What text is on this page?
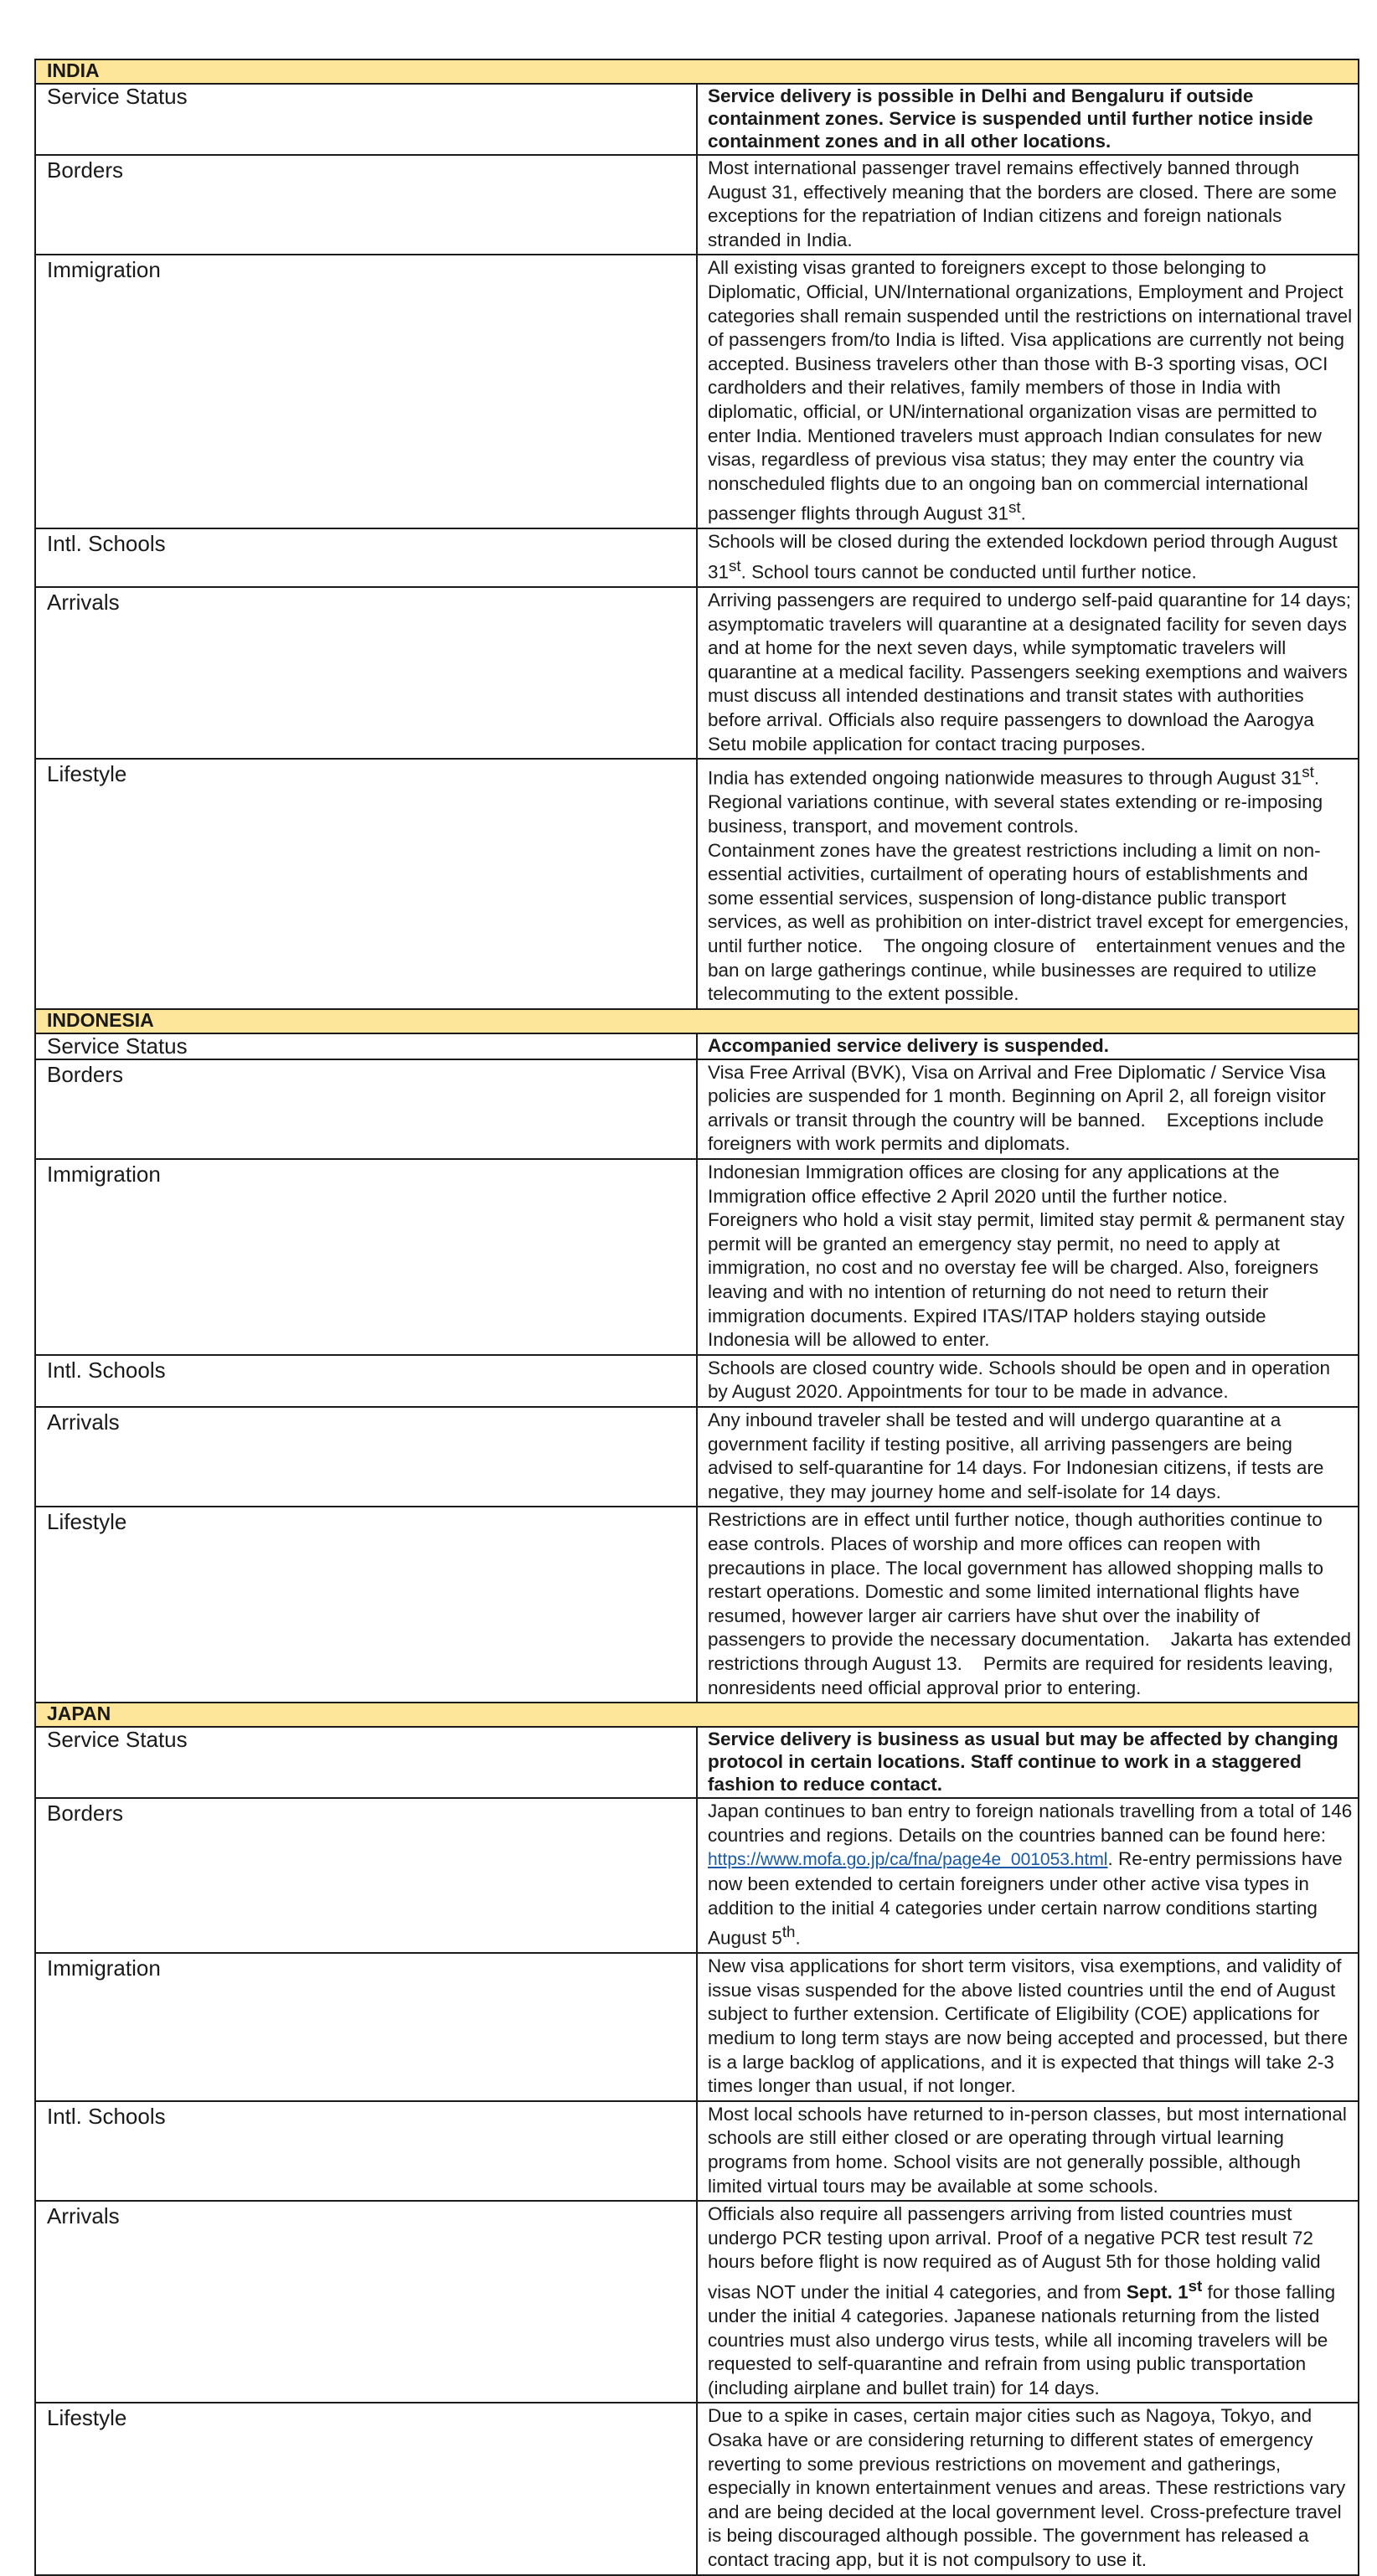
INDIA	
Service Status	Service delivery is possible in Delhi and Bengaluru if outside containment zones. Service is suspended until further notice inside containment zones and in all other locations.
Borders	Most international passenger travel remains effectively banned through August 31, effectively meaning that the borders are closed. There are some exceptions for the repatriation of Indian citizens and foreign nationals stranded in India.
Immigration	All existing visas granted to foreigners except to those belonging to Diplomatic, Official, UN/International organizations, Employment and Project categories shall remain suspended until the restrictions on international travel of passengers from/to India is lifted. Visa applications are currently not being accepted. Business travelers other than those with B-3 sporting visas, OCI cardholders and their relatives, family members of those in India with diplomatic, official, or UN/international organization visas are permitted to enter India. Mentioned travelers must approach Indian consulates for new visas, regardless of previous visa status; they may enter the country via nonscheduled flights due to an ongoing ban on commercial international passenger flights through August 31st.
Intl. Schools	Schools will be closed during the extended lockdown period through August 31st. School tours cannot be conducted until further notice.
Arrivals	Arriving passengers are required to undergo self-paid quarantine for 14 days; asymptomatic travelers will quarantine at a designated facility for seven days and at home for the next seven days, while symptomatic travelers will quarantine at a medical facility. Passengers seeking exemptions and waivers must discuss all intended destinations and transit states with authorities before arrival. Officials also require passengers to download the Aarogya Setu mobile application for contact tracing purposes.
Lifestyle	India has extended ongoing nationwide measures to through August 31st. Regional variations continue, with several states extending or re-imposing business, transport, and movement controls.
Containment zones have the greatest restrictions including a limit on non-essential activities, curtailment of operating hours of establishments and some essential services, suspension of long-distance public transport services, as well as prohibition on inter-district travel except for emergencies, until further notice.    The ongoing closure of    entertainment venues and the ban on large gatherings continue, while businesses are required to utilize telecommuting to the extent possible.

INDONESIA	
Service Status	Accompanied service delivery is suspended.
Borders	Visa Free Arrival (BVK), Visa on Arrival and Free Diplomatic / Service Visa policies are suspended for 1 month. Beginning on April 2, all foreign visitor arrivals or transit through the country will be banned.    Exceptions include foreigners with work permits and diplomats.
Immigration	Indonesian Immigration offices are closing for any applications at the Immigration office effective 2 April 2020 until the further notice.
Foreigners who hold a visit stay permit, limited stay permit & permanent stay permit will be granted an emergency stay permit, no need to apply at immigration, no cost and no overstay fee will be charged. Also, foreigners leaving and with no intention of returning do not need to return their immigration documents. Expired ITAS/ITAP holders staying outside Indonesia will be allowed to enter.

Intl. Schools	Schools are closed country wide. Schools should be open and in operation by August 2020. Appointments for tour to be made in advance.
Arrivals	Any inbound traveler shall be tested and will undergo quarantine at a government facility if testing positive, all arriving passengers are being advised to self-quarantine for 14 days. For Indonesian citizens, if tests are negative, they may journey home and self-isolate for 14 days.
Lifestyle	Restrictions are in effect until further notice, though authorities continue to ease controls. Places of worship and more offices can reopen with precautions in place. The local government has allowed shopping malls to restart operations. Domestic and some limited international flights have resumed, however larger air carriers have shut over the inability of passengers to provide the necessary documentation.    Jakarta has extended restrictions through August 13.    Permits are required for residents leaving, nonresidents need official approval prior to entering.
JAPAN	
Service Status	Service delivery is business as usual but may be affected by changing protocol in certain locations. Staff continue to work in a staggered fashion to reduce contact.
Borders	Japan continues to ban entry to foreign nationals travelling from a total of 146 countries and regions. Details on the countries banned can be found here: https://www.mofa.go.jp/ca/fna/page4e_001053.html. Re-entry permissions have now been extended to certain foreigners under other active visa types in addition to the initial 4 categories under certain narrow conditions starting August 5th.
Immigration	New visa applications for short term visitors, visa exemptions, and validity of issue visas suspended for the above listed countries until the end of August subject to further extension. Certificate of Eligibility (COE) applications for medium to long term stays are now being accepted and processed, but there is a large backlog of applications, and it is expected that things will take 2-3 times longer than usual, if not longer.
Intl. Schools	Most local schools have returned to in-person classes, but most international schools are still either closed or are operating through virtual learning programs from home. School visits are not generally possible, although limited virtual tours may be available at some schools.
Arrivals	Officials also require all passengers arriving from listed countries must undergo PCR testing upon arrival. Proof of a negative PCR test result 72 hours before flight is now required as of August 5th for those holding valid visas NOT under the initial 4 categories, and from Sept. 1st for those falling under the initial 4 categories. Japanese nationals returning from the listed countries must also undergo virus tests, while all incoming travelers will be requested to self-quarantine and refrain from using public transportation (including airplane and bullet train) for 14 days.
Lifestyle	Due to a spike in cases, certain major cities such as Nagoya, Tokyo, and Osaka have or are considering returning to different states of emergency reverting to some previous restrictions on movement and gatherings, especially in known entertainment venues and areas. These restrictions vary and are being decided at the local government level. Cross-prefecture travel is being discouraged although possible. The government has released a contact tracing app, but it is not compulsory to use it.
